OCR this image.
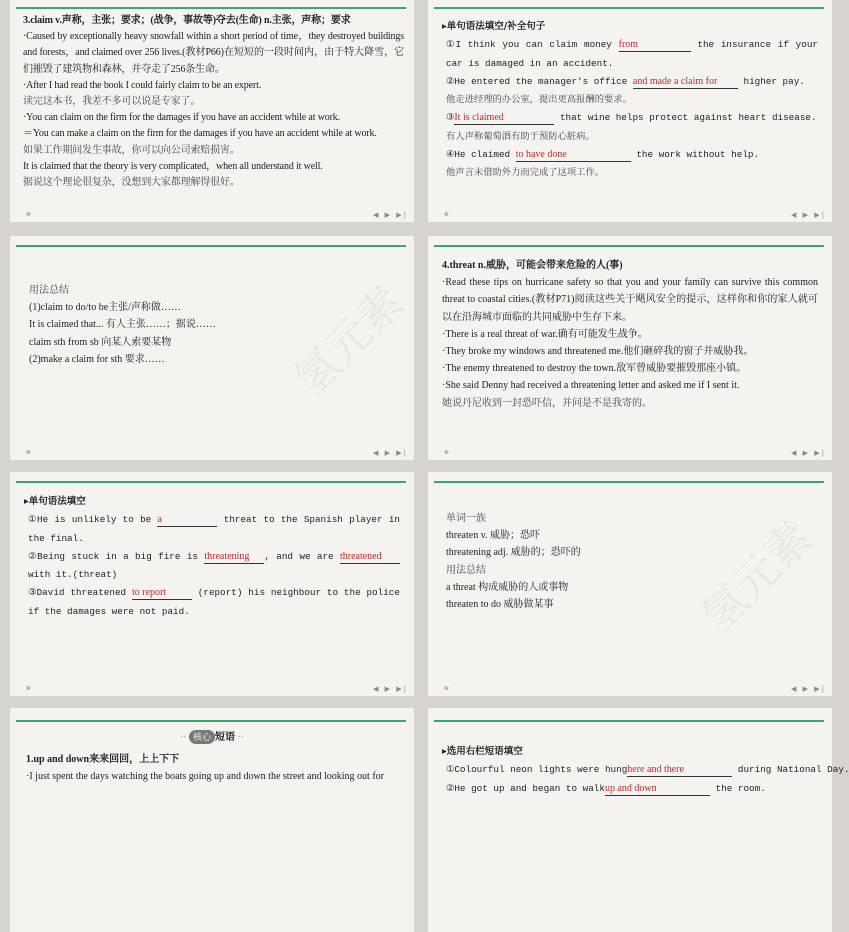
3.claim v.声称，主张；要求；(战争，事故等)夺去(生命) n.主张，声称；要求
·Caused by exceptionally heavy snowfall within a short period of time，they destroyed buildings and forests，and claimed over 256 lives.(教材P66)在短短的一段时间内，由于特大降雪，它们摧毁了建筑物和森林，并夺走了256条生命。
·After I had read the book I could fairly claim to be an expert.
读完这本书，我差不多可以说是专家了。
·You can claim on the firm for the damages if you have an accident while at work.
＝You can make a claim on the firm for the damages if you have an accident while at work.
如果工作期间发生事故，你可以向公司索赔损害。
It is claimed that the theory is very complicated，when all understand it well.
据说这个理论很复杂，没想到大家都理解得很好。
❀	◀ ▶ ▶|
▸单句语法填空/补全句子
①I think you can claim money from	the insurance if your car is damaged in an accident.
②He entered the manager’s office and made a claim for	higher pay.
他走进经理的办公室，提出更高报酬的要求。
③It is claimed	that wine helps protect against heart disease.
有人声称葡萄酒有助于预防心脏病。
④He claimed to have done	the work without help.
他声言未借助外力而完成了这项工作。
❀	◀ ▶ ▶|
氢元素
用法总结
(1)claim to do/to be主张/声称做……
It is claimed that... 有人主张……；据说……
claim sth from sb 向某人索要某物
(2)make a claim for sth 要求……
❀	◀ ▶ ▶|
4.threat n.威胁，可能会带来危险的人(事)
·Read these tips on hurricane safety so that you and your family can survive this common threat to coastal cities.(教材P71)阅读这些关于飓风安全的提示，这样你和你的家人就可以在沿海城市面临的共同威胁中生存下来。
·There is a real threat of war.确有可能发生战争。
·They broke my windows and threatened me.他们砸碎我的窗子并威胁我。
·The enemy threatened to destroy the town.敌军曾威胁要摧毁那座小镇。
·She said Denny had received a threatening letter and asked me if I sent it.
她说丹尼收到一封恐吓信，并问是不是我寄的。
❀	◀ ▶ ▶|
▸单句语法填空
①He is unlikely to be a	threat to the Spanish player in the final.
②Being stuck in a big fire is threatening , and we are threatened with it.(threat)
③David threatened to report	(report) his neighbour to the police if the damages were not paid.
❀	◀ ▶ ▶|
氢元素
单词一族
threaten v. 威胁；恐吓
threatening adj. 威胁的；恐吓的
用法总结
a threat 构成威胁的人或事物
threaten to do 威胁做某事
❀	◀ ▶ ▶|
·· 核心 短语 ··
1.up and down来来回回，上上下下
·I just spent the days watching the boats going up and down the street and looking out for
▸选用右栏短语填空
①Colourful neon lights were hunghere and there	during National Day.
②He got up and began to walkup and down	the room.
